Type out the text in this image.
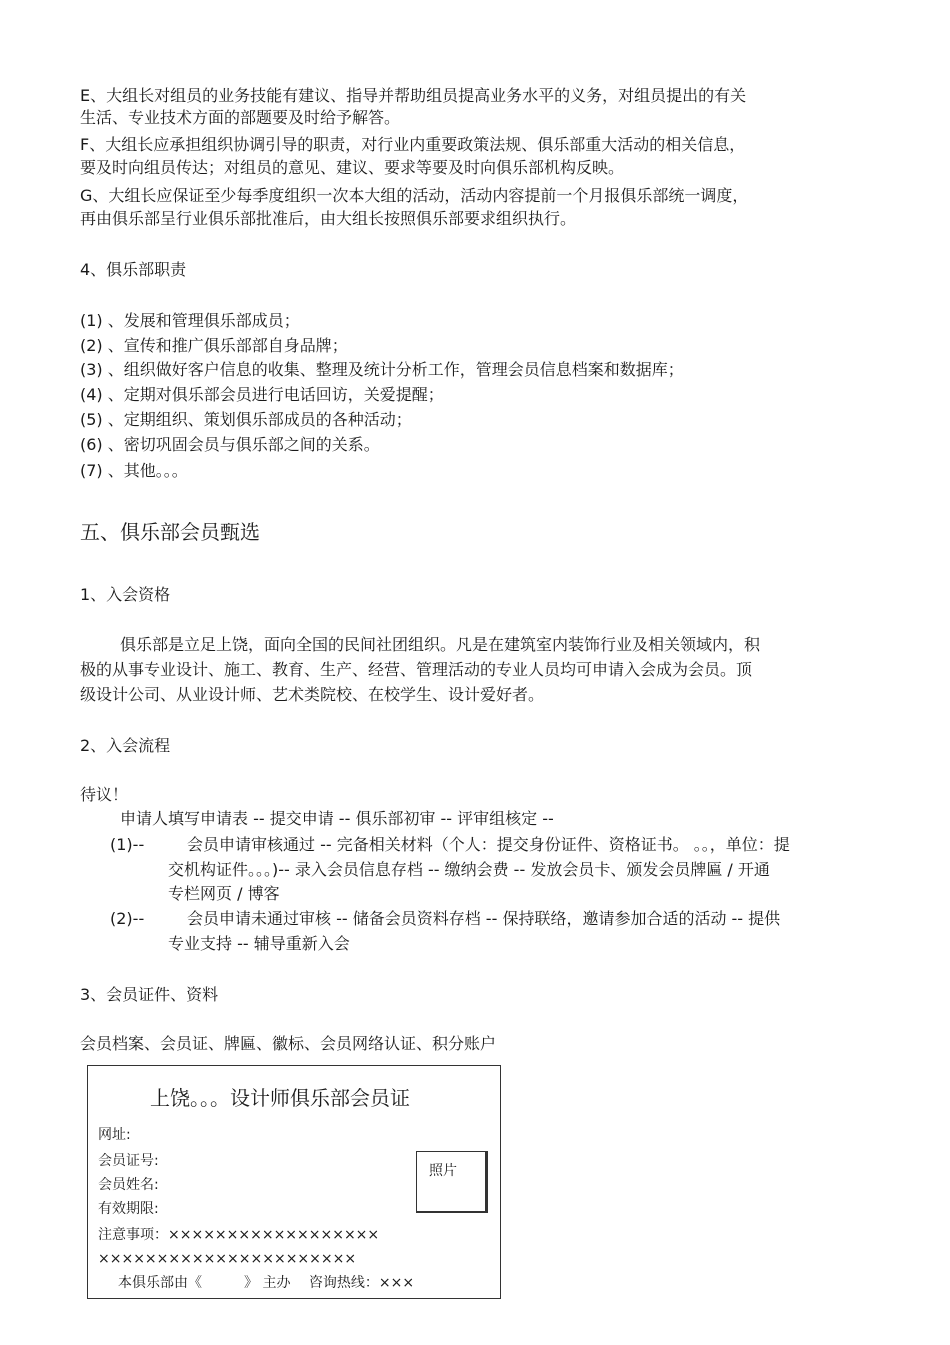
E、大组长对组员的业务技能有建议、指导并帮助组员提高业务水平的义务，对组员提出的有关
生活、专业技术方面的部题要及时给予解答。
F、大组长应承担组织协调引导的职责，对行业内重要政策法规、俱乐部重大活动的相关信息，
要及时向组员传达；对组员的意见、建议、要求等要及时向俱乐部机构反映。
G、大组长应保证至少每季度组织一次本大组的活动，活动内容提前一个月报俱乐部统一调度，
再由俱乐部呈行业俱乐部批准后，由大组长按照俱乐部要求组织执行。
4、俱乐部职责
(1) 、发展和管理俱乐部成员；
(2) 、宣传和推广俱乐部部自身品牌；
(3) 、组织做好客户信息的收集、整理及统计分析工作，管理会员信息档案和数据库；
(4) 、定期对俱乐部会员进行电话回访，关爱提醒；
(5) 、定期组织、策划俱乐部成员的各种活动；
(6) 、密切巩固会员与俱乐部之间的关系。
(7) 、其他。。。
五、俱乐部会员甄选
1、入会资格
俱乐部是立足上饶，面向全国的民间社团组织。凡是在建筑室内装饰行业及相关领域内，积
极的从事专业设计、施工、教育、生产、经营、管理活动的专业人员均可申请入会成为会员。顶
级设计公司、从业设计师、艺术类院校、在校学生、设计爱好者。
2、入会流程
待议！
申请人填写申请表 -- 提交申请 -- 俱乐部初审 -- 评审组核定 --
(1)--	会员申请审核通过 -- 完备相关材料（个人：提交身份证件、资格证书。 。。，单位：提
交机构证件。。。)-- 录入会员信息存档 -- 缴纳会费 -- 发放会员卡、颁发会员牌匾 / 开通
专栏网页 / 博客
(2)--	会员申请未通过审核 -- 储备会员资料存档 -- 保持联络，邀请参加合适的活动 -- 提供
专业支持 -- 辅导重新入会
3、会员证件、资料
会员档案、会员证、牌匾、徽标、会员网络认证、积分账户
上饶。。。设计师俱乐部会员证
网址:
会员证号:
会员姓名:
有效期限:
注意事项：××××××××××××××××××
××××××××××××××××××××××
本俱乐部由《　　　》 主办　 咨询热线：×××
照片
